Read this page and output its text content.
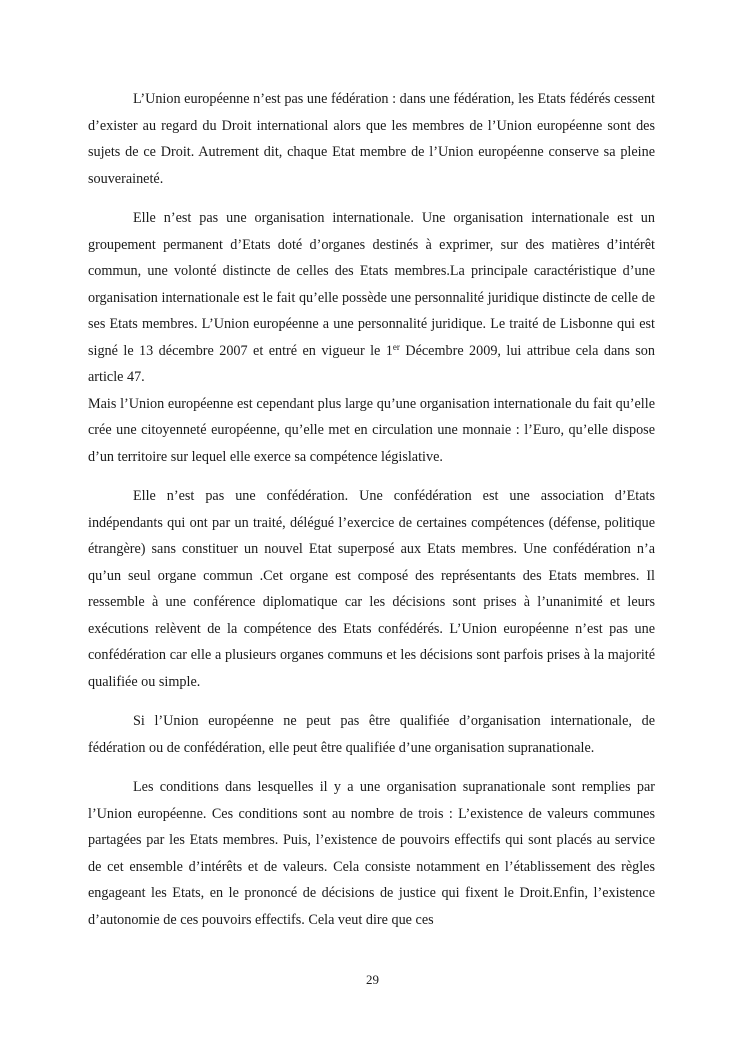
L’Union européenne n’est pas une fédération : dans une fédération, les Etats fédérés cessent d’exister au regard du Droit international alors que les membres de l’Union européenne sont des sujets de ce Droit. Autrement dit, chaque Etat membre de l’Union européenne conserve sa pleine souveraineté.

Elle n’est pas une organisation internationale. Une organisation internationale est un groupement permanent d’Etats doté d’organes destinés à exprimer, sur des matières d’intérêt commun, une volonté distincte de celles des Etats membres.La principale caractéristique d’une organisation internationale est le fait qu’elle possède une personnalité juridique distincte de celle de ses Etats membres. L’Union européenne a une personnalité juridique. Le traité de Lisbonne qui est signé le 13 décembre 2007 et entré en vigueur le 1er Décembre 2009, lui attribue cela dans son article 47.

Mais l’Union européenne est cependant plus large qu’une organisation internationale du fait qu’elle crée une citoyenneté européenne, qu’elle met en circulation une monnaie : l’Euro, qu’elle dispose d’un territoire sur lequel elle exerce sa compétence législative.

Elle n’est pas une confédération. Une confédération est une association d’Etats indépendants qui ont par un traité, délégué l’exercice de certaines compétences (défense, politique étrangère) sans constituer un nouvel Etat superposé aux Etats membres. Une confédération n’a qu’un seul organe commun .Cet organe est composé des représentants des Etats membres. Il ressemble à une conférence diplomatique car les décisions sont prises à l’unanimité et leurs exécutions relèvent de la compétence des Etats confédérés. L’Union européenne n’est pas une confédération car elle a plusieurs organes communs et les décisions sont parfois prises à la majorité qualifiée ou simple.

Si l’Union européenne ne peut pas être qualifiée d’organisation internationale, de fédération ou de confédération, elle peut être qualifiée d’une organisation supranationale.

Les conditions dans lesquelles il y a une organisation supranationale sont remplies par l’Union européenne. Ces conditions sont au nombre de trois : L’existence de valeurs communes partagées par les Etats membres. Puis, l’existence de pouvoirs effectifs qui sont placés au service de cet ensemble d’intérêts et de valeurs. Cela consiste notamment en l’établissement des règles engageant les Etats, en le prononcé de décisions de justice qui fixent le Droit.Enfin, l’existence d’autonomie de ces pouvoirs effectifs. Cela veut dire que ces

29
